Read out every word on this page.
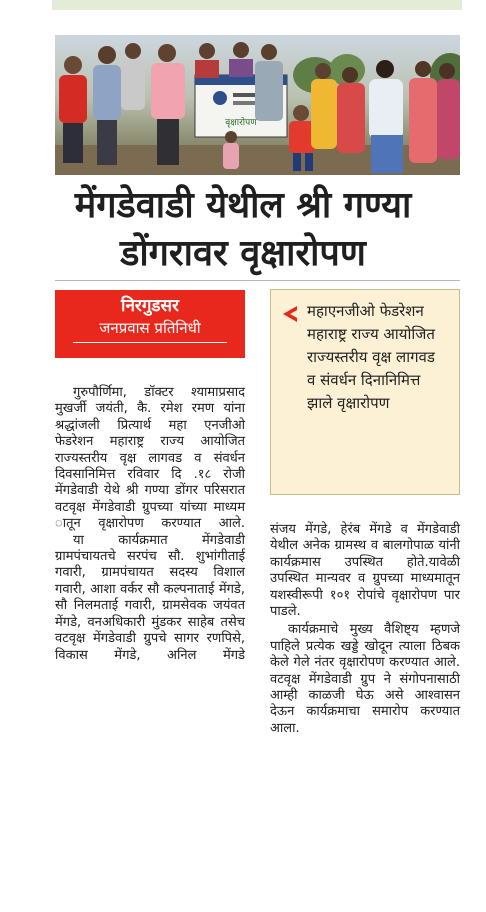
वृक्षारोपण
मेंगडेवाडी येथील श्री गण्या
डोंगरावर वृक्षारोपण
निरगुडसर
जनप्रवास प्रतिनिधी
महाएनजीओ फेडरेशन महाराष्ट्र राज्य आयोजित राज्यस्तरीय वृक्ष लागवड व संवर्धन दिनानिमित्त झाले वृक्षारोपण

गुरुपौर्णिमा, डॉक्टर श्यामाप्रसाद मुखर्जी जयंती, कै. रमेश रमण यांना श्रद्धांजली प्रित्यार्थ महा एनजीओ फेडरेशन महाराष्ट्र राज्य आयोजित राज्यस्तरीय वृक्ष लागवड व संवर्धन दिवसानिमित्त रविवार दि .१८ रोजी मेंगडेवाडी येथे श्री गण्या डोंगर परिसरात वटवृक्ष मेंगडेवाडी ग्रुपच्या यांच्या माध्यम ातून वृक्षारोपण करण्यात आले.

या कार्यक्रमात मेंगडेवाडी ग्रामपंचायतचे सरपंच सौ. शुभांगीताई गवारी, ग्रामपंचायत सदस्य विशाल गवारी, आशा वर्कर सौ कल्पनाताई मेंगडे, सौ निलमताई गवारी, ग्रामसेवक जयंवत मेंगडे, वनअधिकारी मुंडकर साहेब तसेच वटवृक्ष मेंगडेवाडी ग्रुपचे सागर रणपिसे, विकास मेंगडे, अनिल मेंगडे

संजय मेंगडे, हेरंब मेंगडे व मेंगडेवाडी येथील अनेक ग्रामस्थ व बालगोपाळ यांनी कार्यक्रमास उपस्थित होते.यावेळी उपस्थित मान्यवर व ग्रुपच्या माध्यमातून यशस्वीरूपी १०१ रोपांचे वृक्षारोपण पार पाडले.

कार्यक्रमाचे मुख्य वैशिष्ट्य म्हणजे पाहिले प्रत्येक खड्डे खोदून त्याला ठिबक केले गेले नंतर वृक्षारोपण करण्यात आले. वटवृक्ष मेंगडेवाडी ग्रुप ने संगोपनासाठी आम्ही काळजी घेऊ असे आश्वासन देऊन कार्यक्रमाचा समारोप करण्यात आला.
